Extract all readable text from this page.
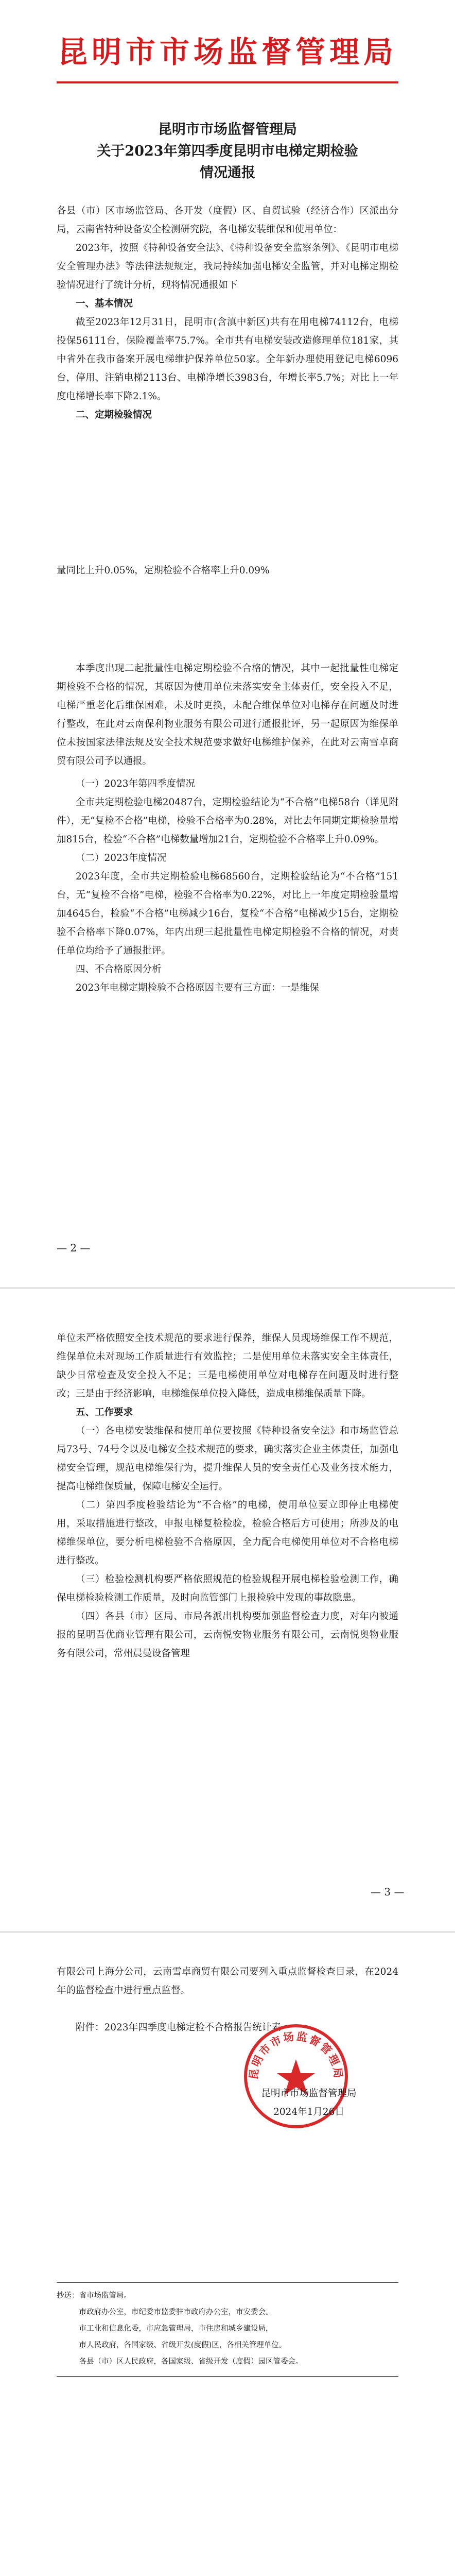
昆明市市场监督管理局
昆明市市场监督管理局
关于2023年第四季度昆明市电梯定期检验
情况通报

各县（市）区市场监管局、各开发（度假）区、自贸试验（经济合作）区派出分局，云南省特种设备安全检测研究院，各电梯安装维保和使用单位：

2023年，按照《特种设备安全法》、《特种设备安全监察条例》、《昆明市电梯安全管理办法》等法律法规规定，我局持续加强电梯安全监管，并对电梯定期检验情况进行了统计分析，现将情况通报如下

一、基本情况

截至2023年12月31日，昆明市(含滇中新区)共有在用电梯74112台，电梯投保56111台，保险覆盖率75.7%。全市共有电梯安装改造修理单位181家，其中省外在我市备案开展电梯维护保养单位50家。全年新办理使用登记电梯6096台，停用、注销电梯2113台、电梯净增长3983台，年增长率5.7%；对比上一年度电梯增长率下降2.1%。

二、定期检验情况

量同比上升0.05%，定期检验不合格率上升0.09%

本季度出现二起批量性电梯定期检验不合格的情况，其中一起批量性电梯定期检验不合格的情况，其原因为使用单位未落实安全主体责任，安全投入不足，电梯严重老化后维保困难，未及时更换，未配合维保单位对电梯存在问题及时进行整改，在此对云南保利物业服务有限公司进行通报批评，另一起原因为维保单位未按国家法律法规及安全技术规范要求做好电梯维护保养，在此对云南雪卓商贸有限公司予以通报。

（一）2023年第四季度情况

全市共定期检验电梯20487台，定期检验结论为“不合格”电梯58台（详见附件），无“复检不合格”电梯，检验不合格率为0.28%，对比去年同期定期检验量增加815台，检验“不合格”电梯数量增加21台，定期检验不合格率上升0.09%。

（二）2023年度情况

2023年度，全市共定期检验电梯68560台，定期检验结论为“不合格”151台，无“复检不合格”电梯，检验不合格率为0.22%，对比上一年度定期检验量增加4645台，检验“不合格”电梯减少16台，复检“不合格”电梯减少15台，定期检验不合格率下降0.07%，年内出现三起批量性电梯定期检验不合格的情况，对责任单位均给予了通报批评。

四、不合格原因分析

2023年电梯定期检验不合格原因主要有三方面：一是维保

— 2 —

单位未严格依照安全技术规范的要求进行保养，维保人员现场维保工作不规范，维保单位未对现场工作质量进行有效监控；二是使用单位未落实安全主体责任，缺少日常检查及安全投入不足；三是电梯使用单位对电梯存在问题及时进行整改；三是由于经济影响，电梯维保单位投入降低，造成电梯维保质量下降。

五、工作要求

（一）各电梯安装维保和使用单位要按照《特种设备安全法》和市场监管总局73号、74号令以及电梯安全技术规范的要求，确实落实企业主体责任，加强电梯安全管理，规范电梯维保行为，提升维保人员的安全责任心及业务技术能力，提高电梯维保质量，保障电梯安全运行。

（二）第四季度检验结论为“不合格”的电梯，使用单位要立即停止电梯使用，采取措施进行整改，申报电梯复检检验，检验合格后方可使用；所涉及的电梯维保单位，要分析电梯检验不合格原因，全力配合电梯使用单位对不合格电梯进行整改。

（三）检验检测机构要严格依照规范的检验规程开展电梯检验检测工作，确保电梯检验检测工作质量，及时向监管部门上报检验中发现的事故隐患。

（四）各县（市）区局、市局各派出机构要加强监督检查力度，对年内被通报的昆明吾优商业管理有限公司，云南悦安物业服务有限公司，云南悦奥物业服务有限公司，常州晨曼设备管理

— 3 —

有限公司上海分公司，云南雪卓商贸有限公司要列入重点监督检查目录，在2024年的监督检查中进行重点监督。

附件：2023年四季度电梯定检不合格报告统计表

昆明市市场监督管理局
昆明市市场监督管理局
2024年1月26日

抄送：省市场监管局。

市政府办公室，市纪委市监委驻市政府办公室，市安委会。

市工业和信息化委，市应急管理局，市住房和城乡建设局，

市人民政府，各国家级、省级开发(度假)区，各相关管理单位。

各县（市）区人民政府，各国家级、省级开发（度假）园区管委会。
